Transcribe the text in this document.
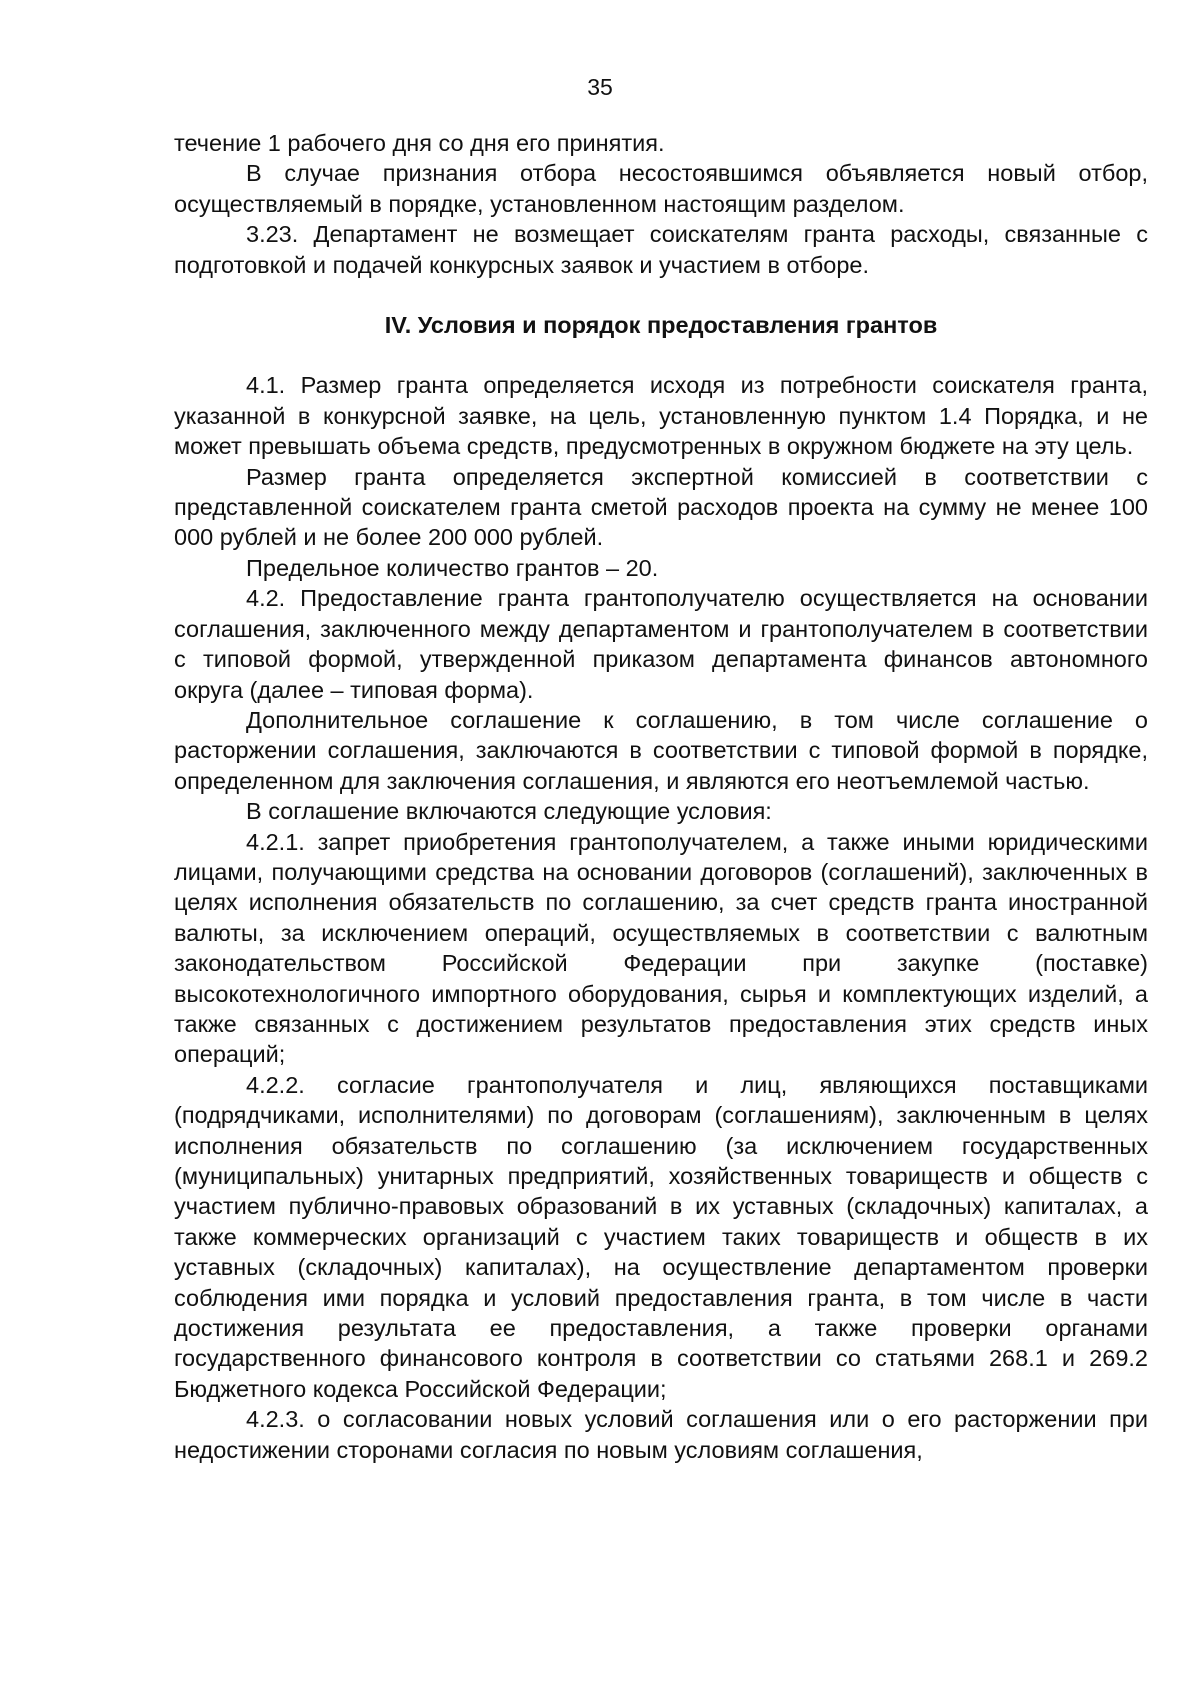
35

течение 1 рабочего дня со дня его принятия.

В случае признания отбора несостоявшимся объявляется новый отбор, осуществляемый в порядке, установленном настоящим разделом.

3.23. Департамент не возмещает соискателям гранта расходы, связанные с подготовкой и подачей конкурсных заявок и участием в отборе.

IV. Условия и порядок предоставления грантов

4.1. Размер гранта определяется исходя из потребности соискателя гранта, указанной в конкурсной заявке, на цель, установленную пунктом 1.4 Порядка, и не может превышать объема средств, предусмотренных в окружном бюджете на эту цель.

Размер гранта определяется экспертной комиссией в соответствии с представленной соискателем гранта сметой расходов проекта на сумму не менее 100 000 рублей и не более 200 000 рублей.

Предельное количество грантов – 20.

4.2. Предоставление гранта грантополучателю осуществляется на основании соглашения, заключенного между департаментом и грантополучателем в соответствии с типовой формой, утвержденной приказом департамента финансов автономного округа (далее – типовая форма).

Дополнительное соглашение к соглашению, в том числе соглашение о расторжении соглашения, заключаются в соответствии с типовой формой в порядке, определенном для заключения соглашения, и являются его неотъемлемой частью.

В соглашение включаются следующие условия:

4.2.1. запрет приобретения грантополучателем, а также иными юридическими лицами, получающими средства на основании договоров (соглашений), заключенных в целях исполнения обязательств по соглашению, за счет средств гранта иностранной валюты, за исключением операций, осуществляемых в соответствии с валютным законодательством Российской Федерации при закупке (поставке) высокотехнологичного импортного оборудования, сырья и комплектующих изделий, а также связанных с достижением результатов предоставления этих средств иных операций;

4.2.2. согласие грантополучателя и лиц, являющихся поставщиками (подрядчиками, исполнителями) по договорам (соглашениям), заключенным в целях исполнения обязательств по соглашению (за исключением государственных (муниципальных) унитарных предприятий, хозяйственных товариществ и обществ с участием публично-правовых образований в их уставных (складочных) капиталах, а также коммерческих организаций с участием таких товариществ и обществ в их уставных (складочных) капиталах), на осуществление департаментом проверки соблюдения ими порядка и условий предоставления гранта, в том числе в части достижения результата ее предоставления, а также проверки органами государственного финансового контроля в соответствии со статьями 268.1 и 269.2 Бюджетного кодекса Российской Федерации;

4.2.3. о согласовании новых условий соглашения или о его расторжении при недостижении сторонами согласия по новым условиям соглашения,
